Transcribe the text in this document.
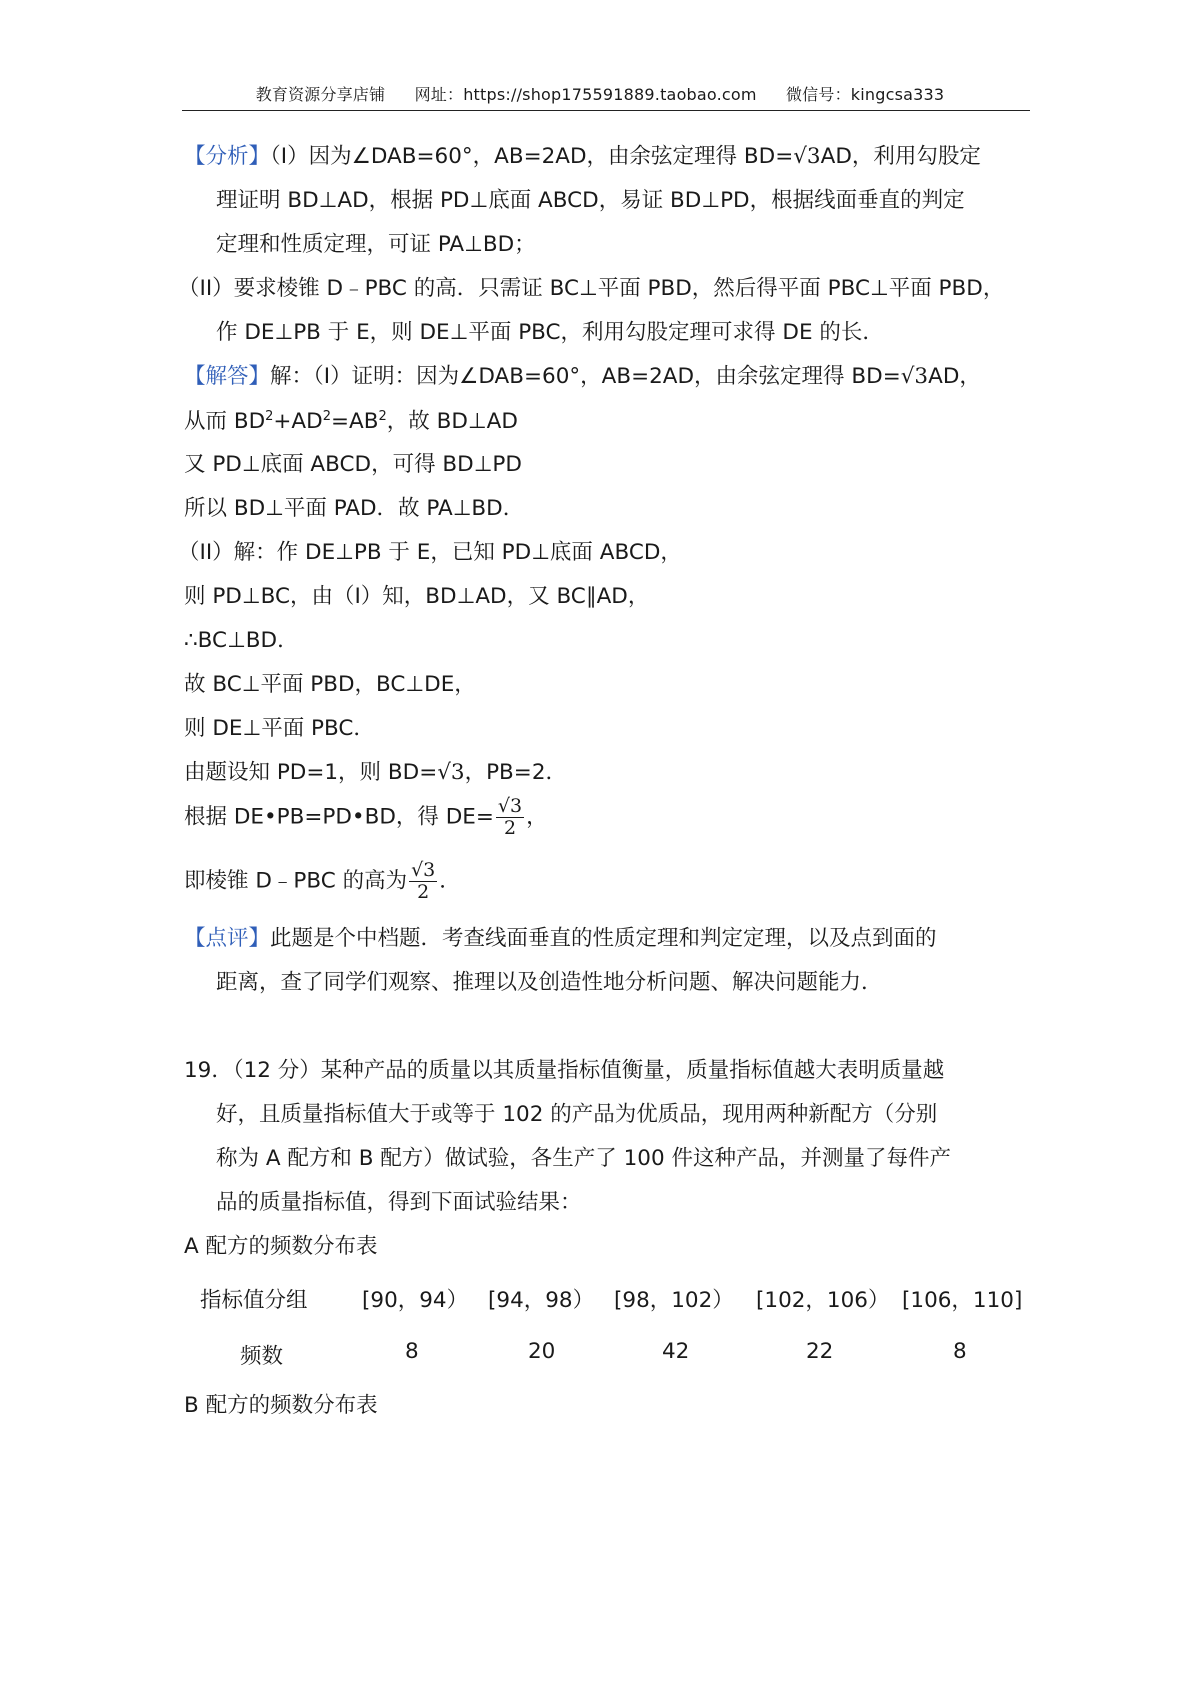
教育资源分享店铺 网址：https://shop175591889.taobao.com 微信号：kingcsa333
【分析】（Ⅰ）因为∠DAB=60°，AB=2AD，由余弦定理得 BD=√3AD，利用勾股定
理证明 BD⊥AD，根据 PD⊥底面 ABCD，易证 BD⊥PD，根据线面垂直的判定
定理和性质定理，可证 PA⊥BD；
（II）要求棱锥 D﹣PBC 的高．只需证 BC⊥平面 PBD，然后得平面 PBC⊥平面 PBD，
作 DE⊥PB 于 E，则 DE⊥平面 PBC，利用勾股定理可求得 DE 的长．
【解答】解：（Ⅰ）证明：因为∠DAB=60°，AB=2AD，由余弦定理得 BD=√3AD，
从而 $BD^2+AD^2=AB^2$，故 BD⊥AD
又 PD⊥底面 ABCD，可得 BD⊥PD
所以 BD⊥平面 PAD．故 PA⊥BD．
（II）解：作 DE⊥PB 于 E，已知 PD⊥底面 ABCD，
则 PD⊥BC，由（I）知，BD⊥AD，又 BC∥AD，
∴BC⊥BD．
故 BC⊥平面 PBD，BC⊥DE，
则 DE⊥平面 PBC．
由题设知 PD=1，则 BD=√3，PB=2．
根据 DE•PB=PD•BD，得 $DE= \frac{√3}{2}$ ，
即棱锥 D﹣PBC 的高为 $\frac{√3}{2}$ ．
【点评】此题是个中档题．考查线面垂直的性质定理和判定定理，以及点到面的
距离，查了同学们观察、推理以及创造性地分析问题、解决问题能力．
19．（12 分）某种产品的质量以其质量指标值衡量，质量指标值越大表明质量越
好，且质量指标值大于或等于 102 的产品为优质品，现用两种新配方（分别
称为 A 配方和 B 配方）做试验，各生产了 100 件这种产品，并测量了每件产
品的质量指标值，得到下面试验结果：
A 配方的频数分布表
指标值分组	[90，94） [94，98） [98，102） [102，106） [106，110]
频数	8	20	42	22	8
B 配方的频数分布表
